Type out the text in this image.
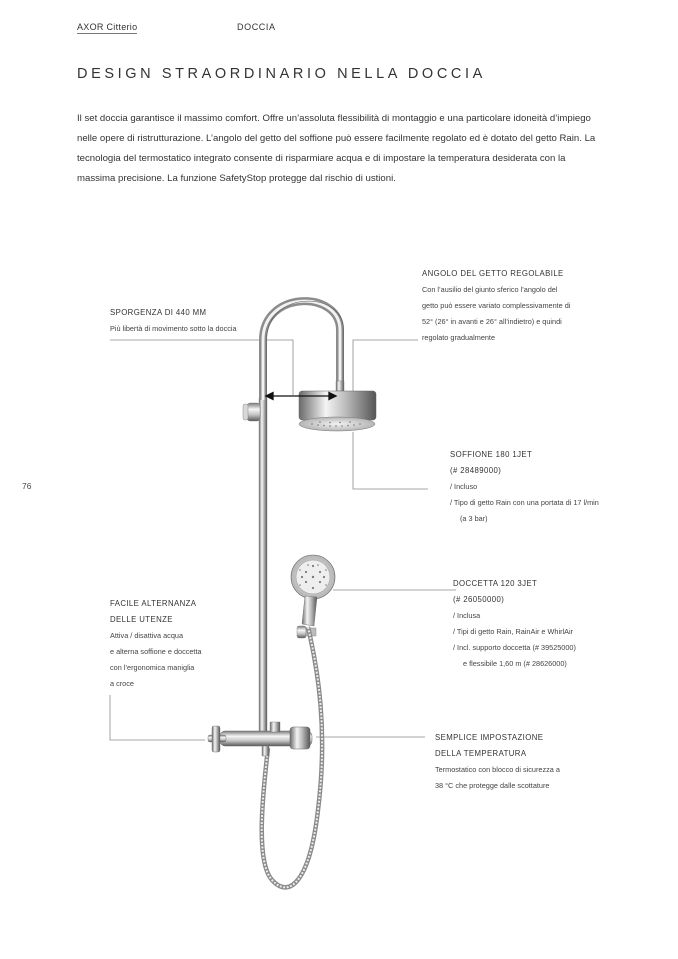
AXOR Citterio	DOCCIA
DESIGN STRAORDINARIO NELLA DOCCIA

Il set doccia garantisce il massimo comfort. Offre un’assoluta flessibilità di montaggio e una particolare idoneità d’impiego nelle opere di ristrutturazione. L’angolo del getto del soffione può essere facilmente regolato ed è dotato del getto Rain. La tecnologia del termostatico integrato consente di risparmiare acqua e di impostare la temperatura desiderata con la massima precisione. La funzione SafetyStop protegge dal rischio di ustioni.

76
ANGOLO DEL GETTO REGOLABILE
Con l’ausilio del giunto sferico l’angolo del
getto può essere variato complessivamente di
52° (26° in avanti e 26° all’indietro) e quindi
regolato gradualmente
SPORGENZA DI 440 MM
Più libertà di movimento sotto la doccia
SOFFIONE 180 1JET
(# 28489000)
/ Incluso
/ Tipo di getto Rain con una portata di 17 l/min
(a 3 bar)
DOCCETTA 120 3JET
(# 26050000)
/ Inclusa
/ Tipi di getto Rain, RainAir e WhirlAir
/ Incl. supporto doccetta (# 39525000)
e flessibile 1,60 m (# 28626000)
FACILE ALTERNANZA
DELLE UTENZE
Attiva / disattiva acqua
e alterna soffione e doccetta
con l’ergonomica maniglia
a croce
SEMPLICE IMPOSTAZIONE
DELLA TEMPERATURA
Termostatico con blocco di sicurezza a
38 °C che protegge dalle scottature
